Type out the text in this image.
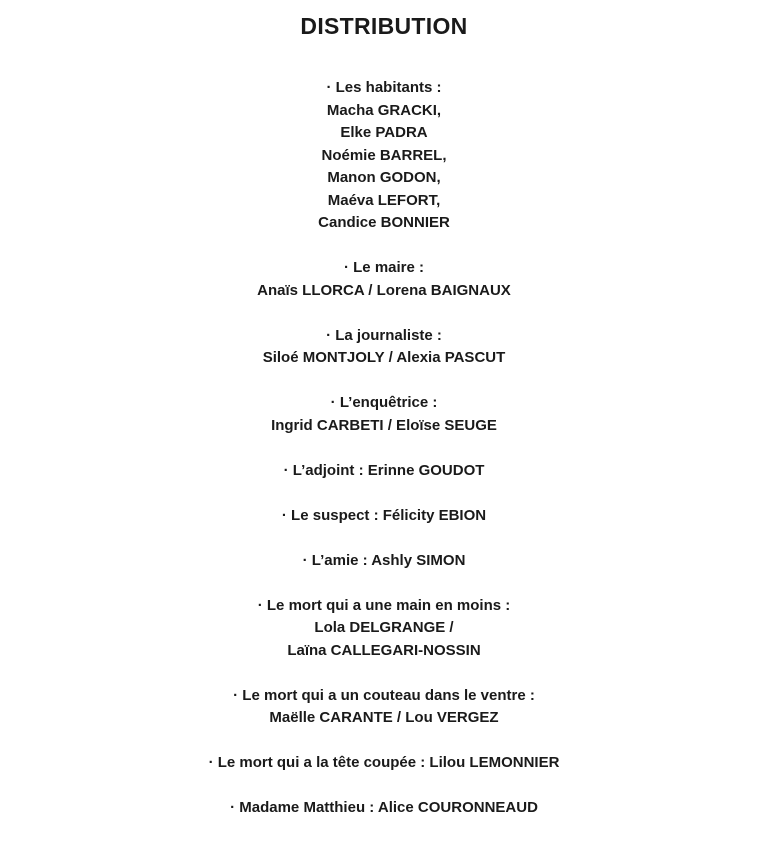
DISTRIBUTION
· Les habitants :
Macha GRACKI,
Elke PADRA
Noémie BARREL,
Manon GODON,
Maéva LEFORT,
Candice BONNIER
· Le maire :
Anaïs LLORCA / Lorena BAIGNAUX
· La journaliste :
Siloé MONTJOLY / Alexia PASCUT
· L’enquêtrice :
Ingrid CARBETI / Eloïse SEUGE
· L’adjoint : Erinne GOUDOT
· Le suspect : Félicity EBION
· L’amie : Ashly SIMON
· Le mort qui a une main en moins :
Lola DELGRANGE /
Laïna CALLEGARI-NOSSIN
· Le mort qui a un couteau dans le ventre :
Maëlle CARANTE / Lou VERGEZ
· Le mort qui a la tête coupée : Lilou LEMONNIER
· Madame Matthieu : Alice COURONNEAUD
